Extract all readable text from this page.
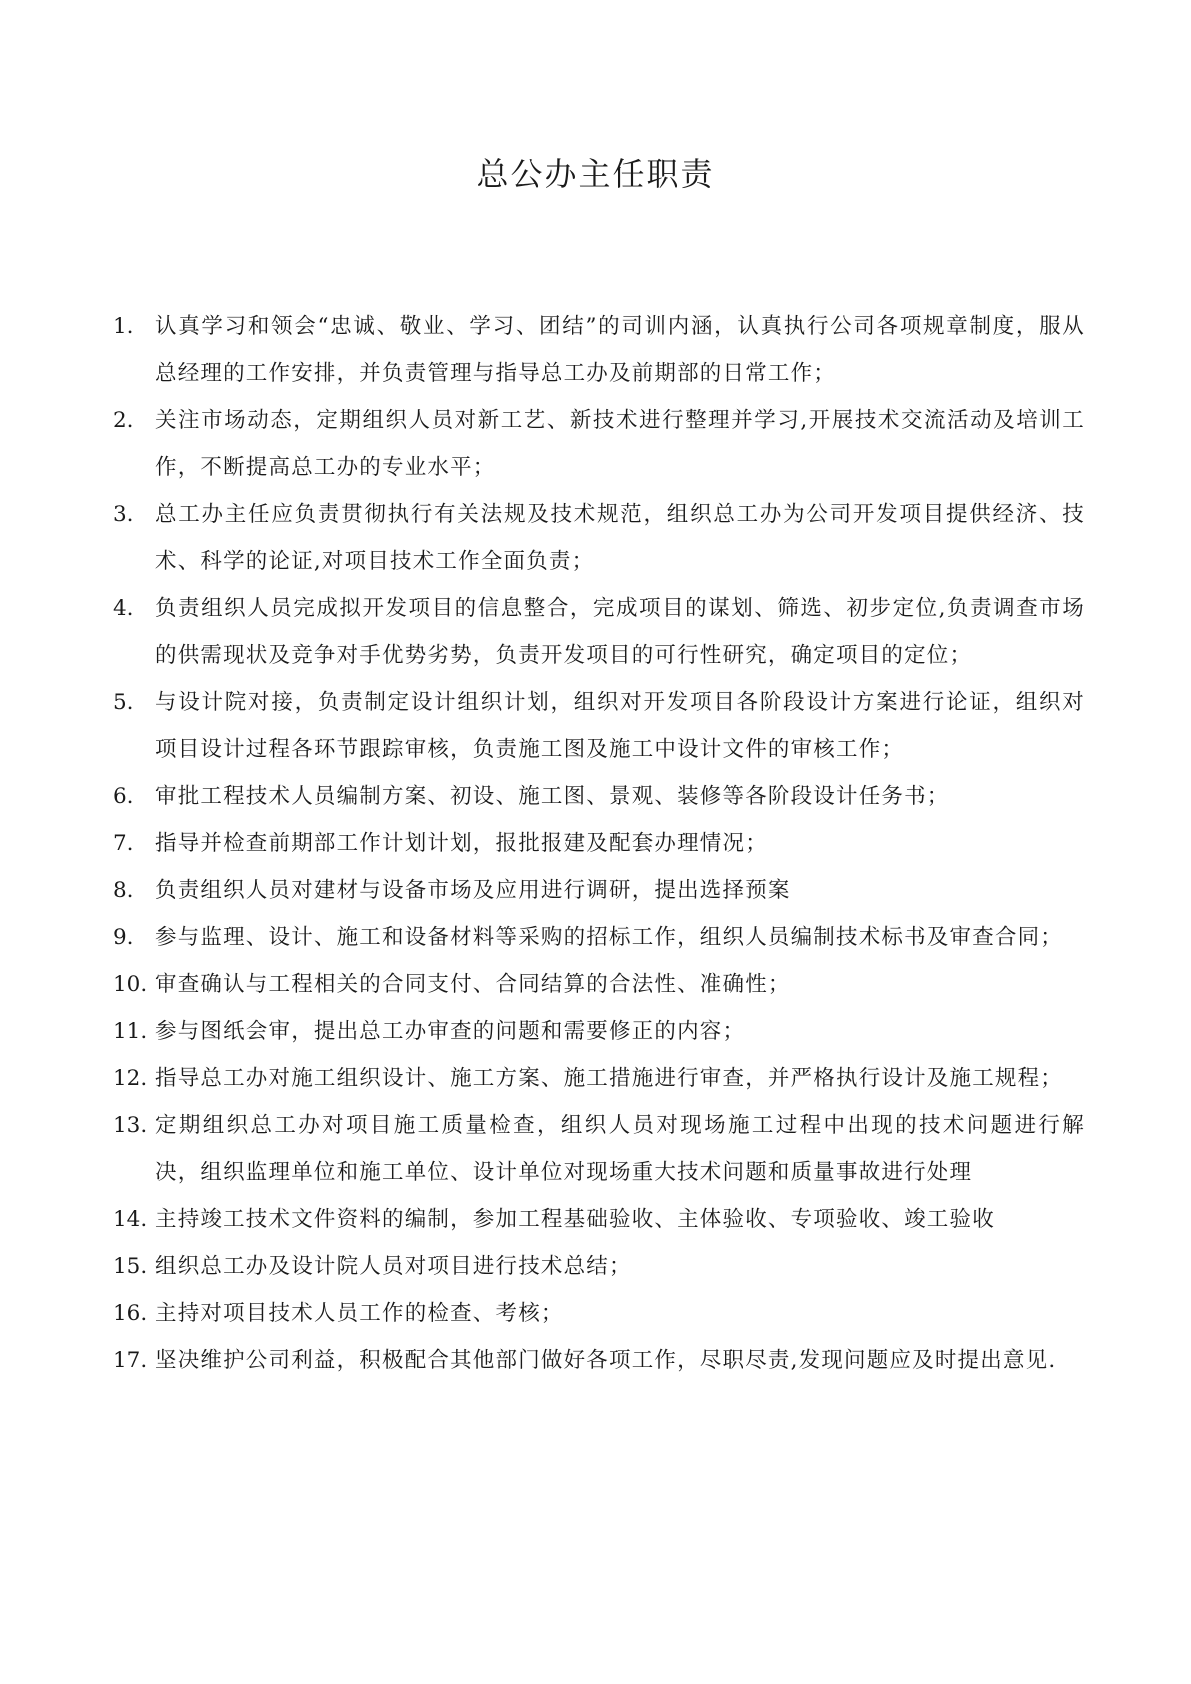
总公办主任职责
1. 认真学习和领会“忠诚、敬业、学习、团结”的司训内涵，认真执行公司各项规章制度，服从总经理的工作安排，并负责管理与指导总工办及前期部的日常工作；
2. 关注市场动态，定期组织人员对新工艺、新技术进行整理并学习,开展技术交流活动及培训工作，不断提高总工办的专业水平；
3. 总工办主任应负责贯彻执行有关法规及技术规范，组织总工办为公司开发项目提供经济、技术、科学的论证,对项目技术工作全面负责；
4. 负责组织人员完成拟开发项目的信息整合，完成项目的谋划、筛选、初步定位,负责调查市场的供需现状及竞争对手优势劣势，负责开发项目的可行性研究，确定项目的定位；
5. 与设计院对接，负责制定设计组织计划，组织对开发项目各阶段设计方案进行论证，组织对项目设计过程各环节跟踪审核，负责施工图及施工中设计文件的审核工作；
6. 审批工程技术人员编制方案、初设、施工图、景观、装修等各阶段设计任务书；
7. 指导并检查前期部工作计划计划，报批报建及配套办理情况；
8. 负责组织人员对建材与设备市场及应用进行调研，提出选择预案
9. 参与监理、设计、施工和设备材料等采购的招标工作，组织人员编制技术标书及审查合同；
10. 审查确认与工程相关的合同支付、合同结算的合法性、准确性；
11. 参与图纸会审，提出总工办审查的问题和需要修正的内容；
12. 指导总工办对施工组织设计、施工方案、施工措施进行审查，并严格执行设计及施工规程；
13. 定期组织总工办对项目施工质量检查，组织人员对现场施工过程中出现的技术问题进行解决，组织监理单位和施工单位、设计单位对现场重大技术问题和质量事故进行处理
14. 主持竣工技术文件资料的编制，参加工程基础验收、主体验收、专项验收、竣工验收
15. 组织总工办及设计院人员对项目进行技术总结；
16. 主持对项目技术人员工作的检查、考核；
17. 坚决维护公司利益，积极配合其他部门做好各项工作，尽职尽责,发现问题应及时提出意见.
